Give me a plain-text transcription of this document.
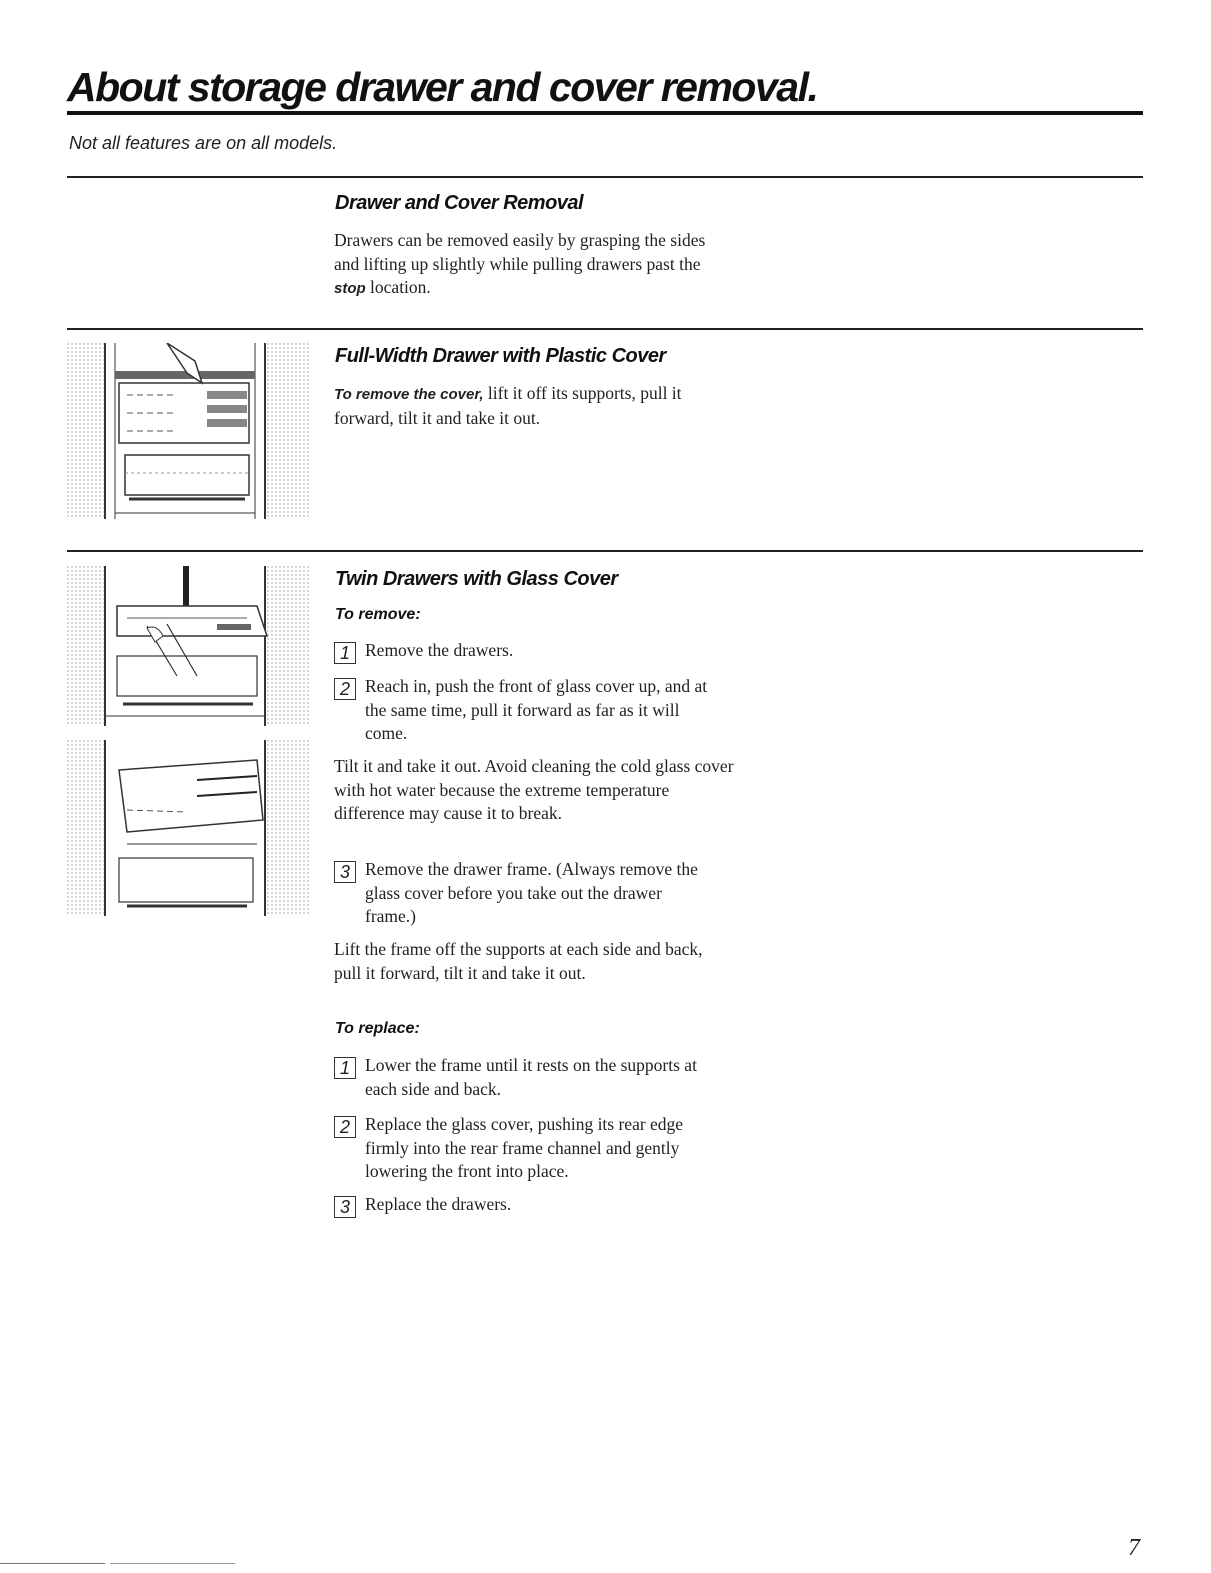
About storage drawer and cover removal.

Not all features are on all models.

Drawer and Cover Removal

Drawers can be removed easily by grasping the sides and lifting up slightly while pulling drawers past the stop location.

Full-Width Drawer with Plastic Cover

To remove the cover, lift it off its supports, pull it forward, tilt it and take it out.

Twin Drawers with Glass Cover
To remove:
1 Remove the drawers.

2 Reach in, push the front of glass cover up, and at the same time, pull it forward as far as it will come.

Tilt it and take it out. Avoid cleaning the cold glass cover with hot water because the extreme temperature difference may cause it to break.

3 Remove the drawer frame. (Always remove the glass cover before you take out the drawer frame.)

Lift the frame off the supports at each side and back, pull it forward, tilt it and take it out.

To replace:
1 Lower the frame until it rests on the supports at each side and back.

2 Replace the glass cover, pushing its rear edge firmly into the rear frame channel and gently lowering the front into place.

3 Replace the drawers.

7
